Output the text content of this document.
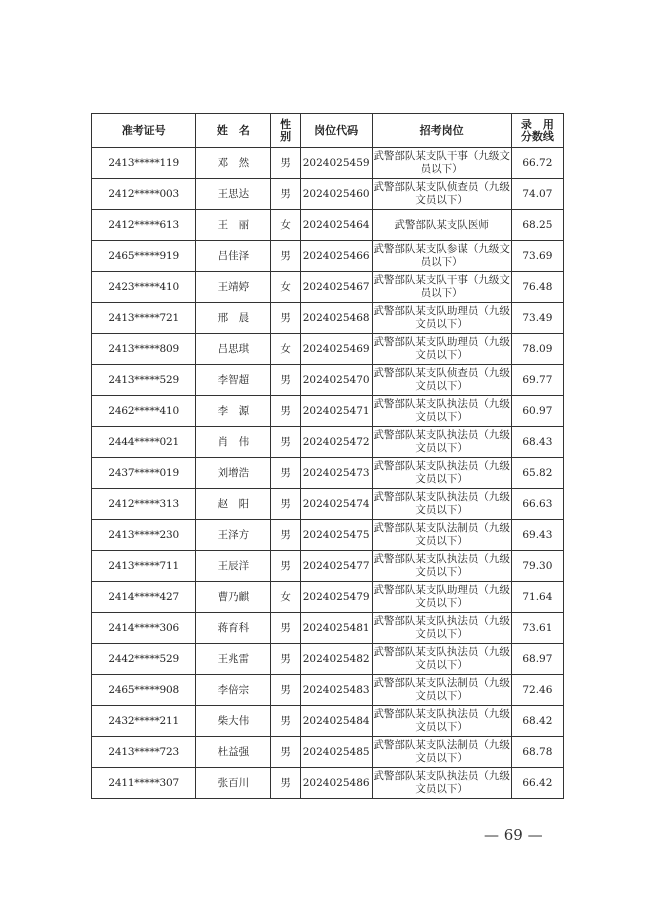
准考证号	姓　名	性别	岗位代码	招考岗位	录　用分数线
2413*****119	邓　然	男	2024025459	武警部队某支队干事（九级文员以下）	66.72
2412*****003	王思达	男	2024025460	武警部队某支队侦查员（九级文员以下）	74.07
2412*****613	王　丽	女	2024025464	武警部队某支队医师	68.25
2465*****919	吕佳泽	男	2024025466	武警部队某支队参谋（九级文员以下）	73.69
2423*****410	王靖婷	女	2024025467	武警部队某支队干事（九级文员以下）	76.48
2413*****721	邢　晨	男	2024025468	武警部队某支队助理员（九级文员以下）	73.49
2413*****809	吕思琪	女	2024025469	武警部队某支队助理员（九级文员以下）	78.09
2413*****529	李智超	男	2024025470	武警部队某支队侦查员（九级文员以下）	69.77
2462*****410	李　源	男	2024025471	武警部队某支队执法员（九级文员以下）	60.97
2444*****021	肖　伟	男	2024025472	武警部队某支队执法员（九级文员以下）	68.43
2437*****019	刘增浩	男	2024025473	武警部队某支队执法员（九级文员以下）	65.82
2412*****313	赵　阳	男	2024025474	武警部队某支队执法员（九级文员以下）	66.63
2413*****230	王泽方	男	2024025475	武警部队某支队法制员（九级文员以下）	69.43
2413*****711	王辰洋	男	2024025477	武警部队某支队执法员（九级文员以下）	79.30
2414*****427	曹乃麒	女	2024025479	武警部队某支队助理员（九级文员以下）	71.64
2414*****306	蒋育科	男	2024025481	武警部队某支队执法员（九级文员以下）	73.61
2442*****529	王兆雷	男	2024025482	武警部队某支队执法员（九级文员以下）	68.97
2465*****908	李倍宗	男	2024025483	武警部队某支队法制员（九级文员以下）	72.46
2432*****211	柴大伟	男	2024025484	武警部队某支队执法员（九级文员以下）	68.42
2413*****723	杜益强	男	2024025485	武警部队某支队法制员（九级文员以下）	68.78
2411*****307	张百川	男	2024025486	武警部队某支队执法员（九级文员以下）	66.42
— 69 —
